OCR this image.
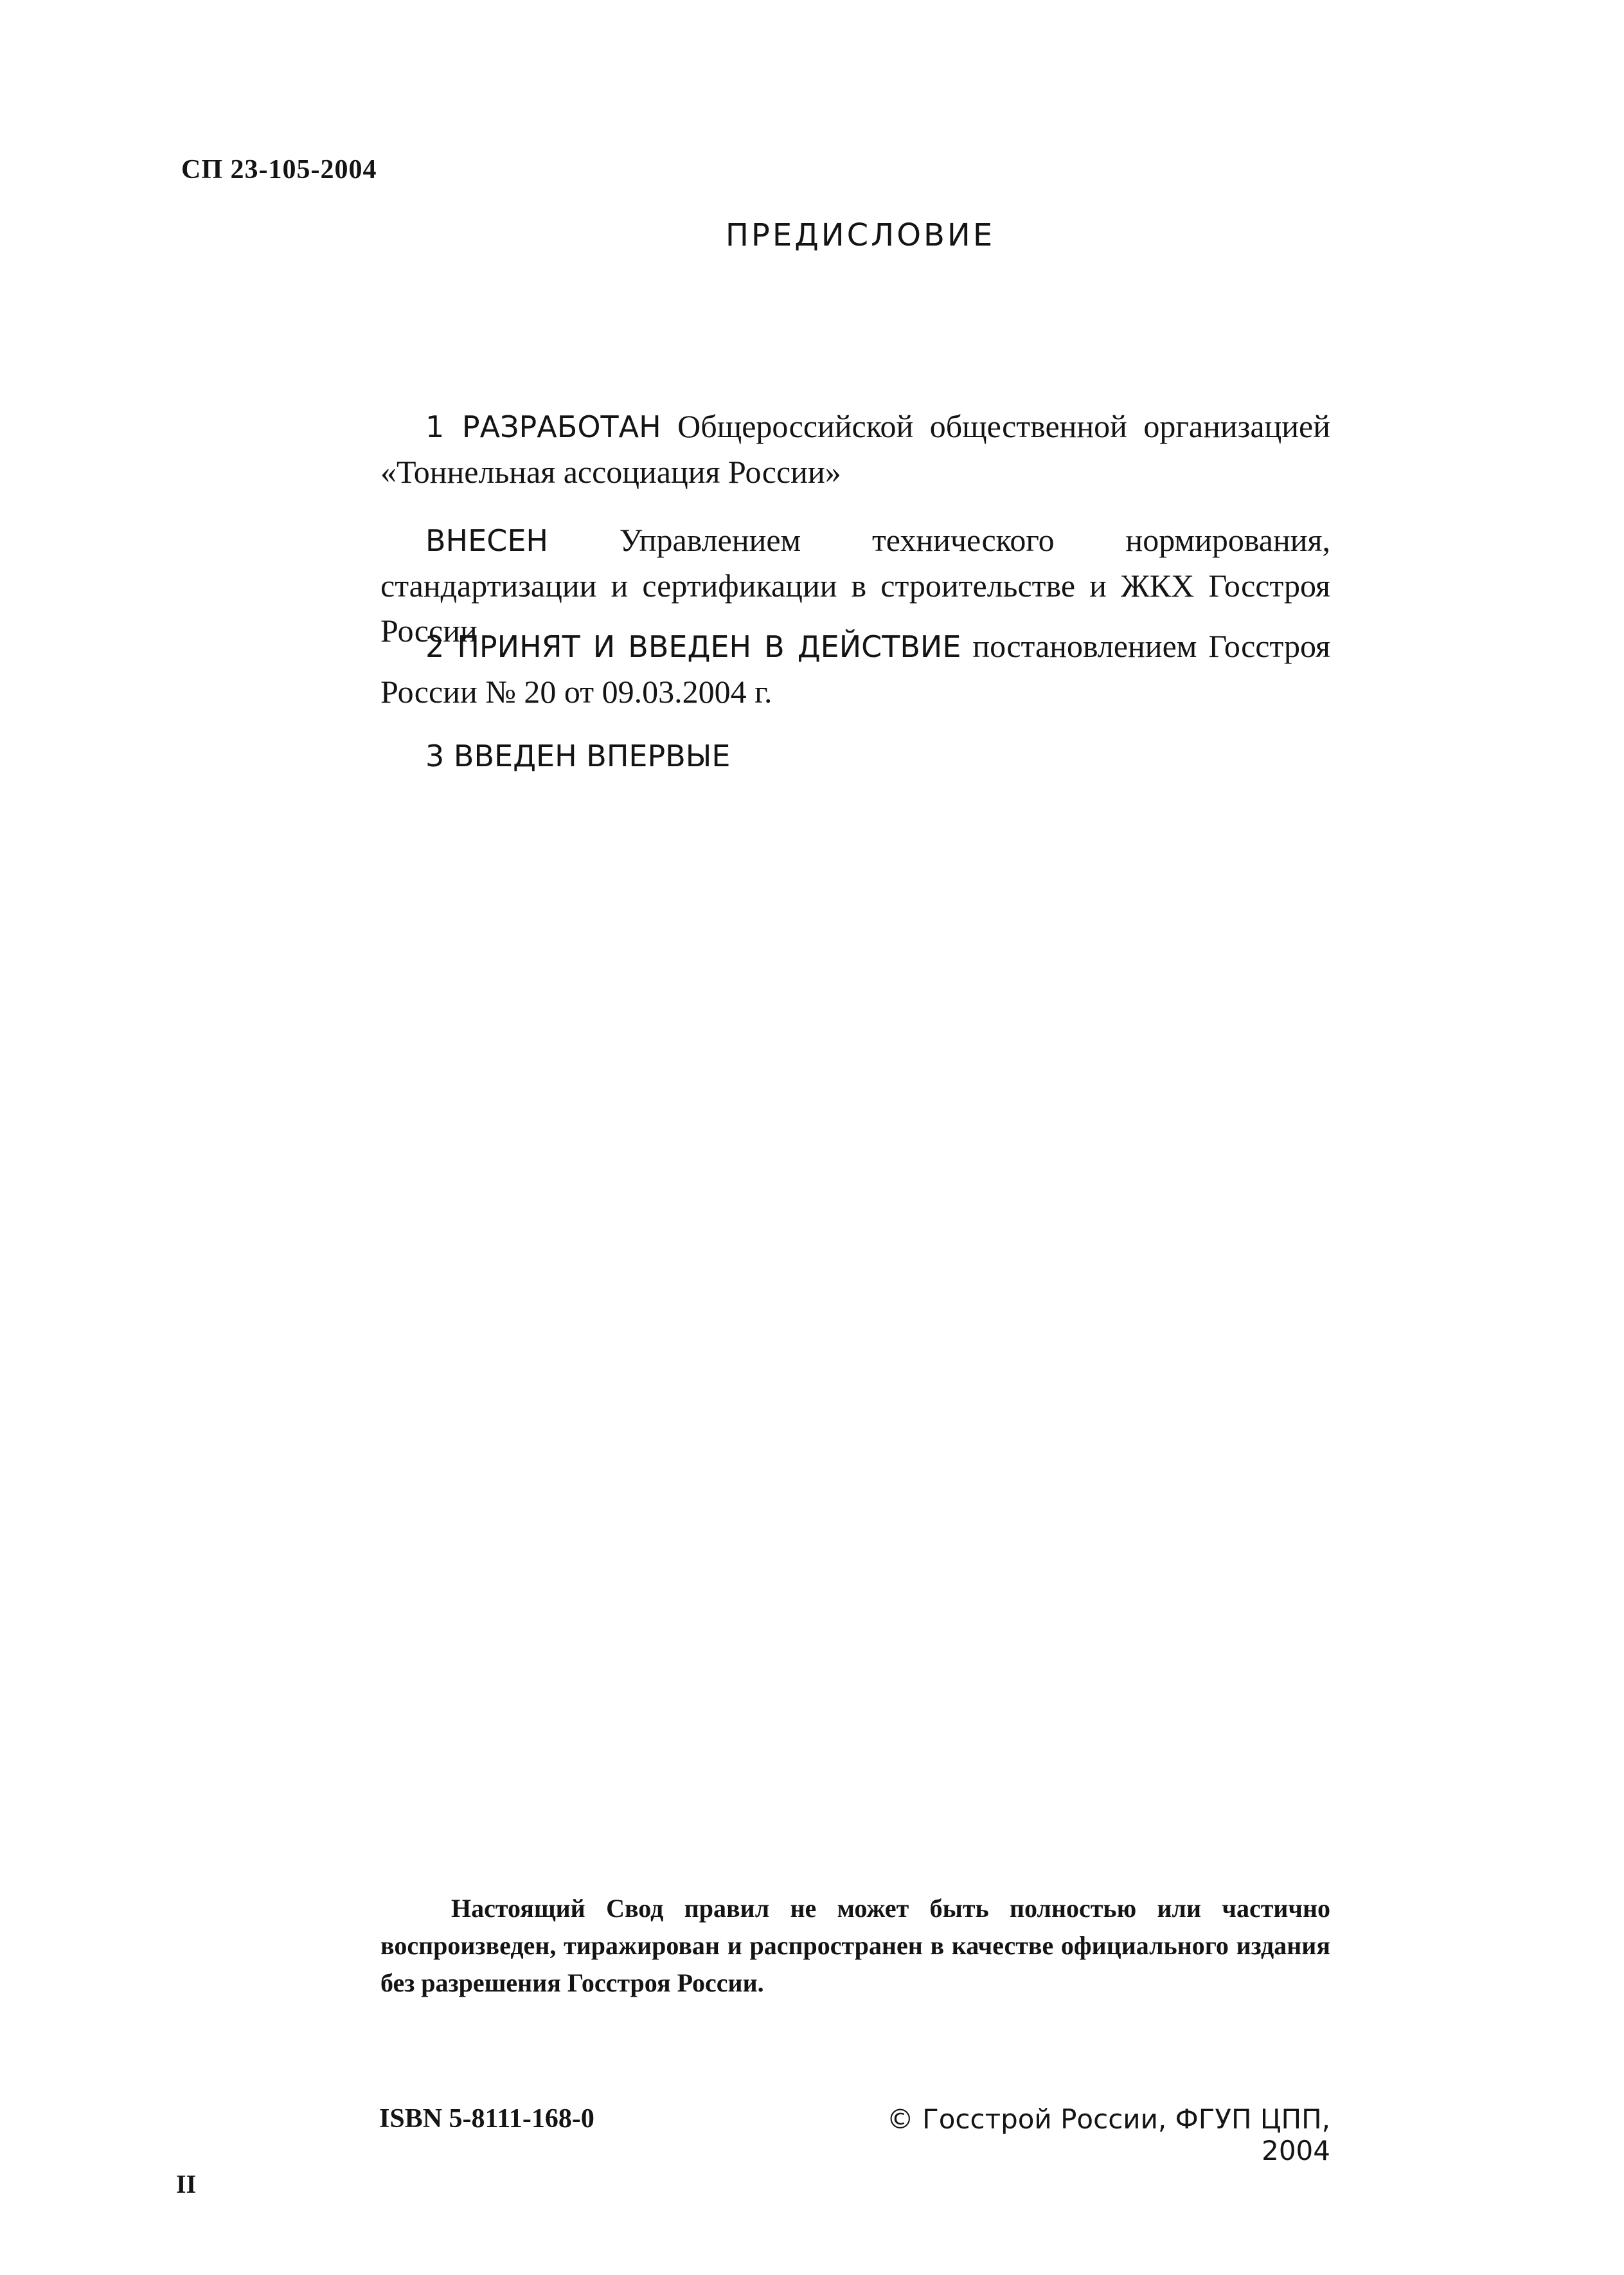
СП 23-105-2004
ПРЕДИСЛОВИЕ

1 РАЗРАБОТАН Общероссийской общественной организацией «Тоннельная ассоциация России»

ВНЕСЕН Управлением технического нормирования, стандартизации и сертификации в строительстве и ЖКХ Госстроя России

2 ПРИНЯТ И ВВЕДЕН В ДЕЙСТВИЕ постановлением Госстроя России № 20 от 09.03.2004 г.

3 ВВЕДЕН ВПЕРВЫЕ

Настоящий Свод правил не может быть полностью или частично воспроизведен, тиражирован и распространен в качестве официального издания без разрешения Госстроя России.

ISBN 5-8111-168-0	© Госстрой России, ФГУП ЦПП, 2004
II
